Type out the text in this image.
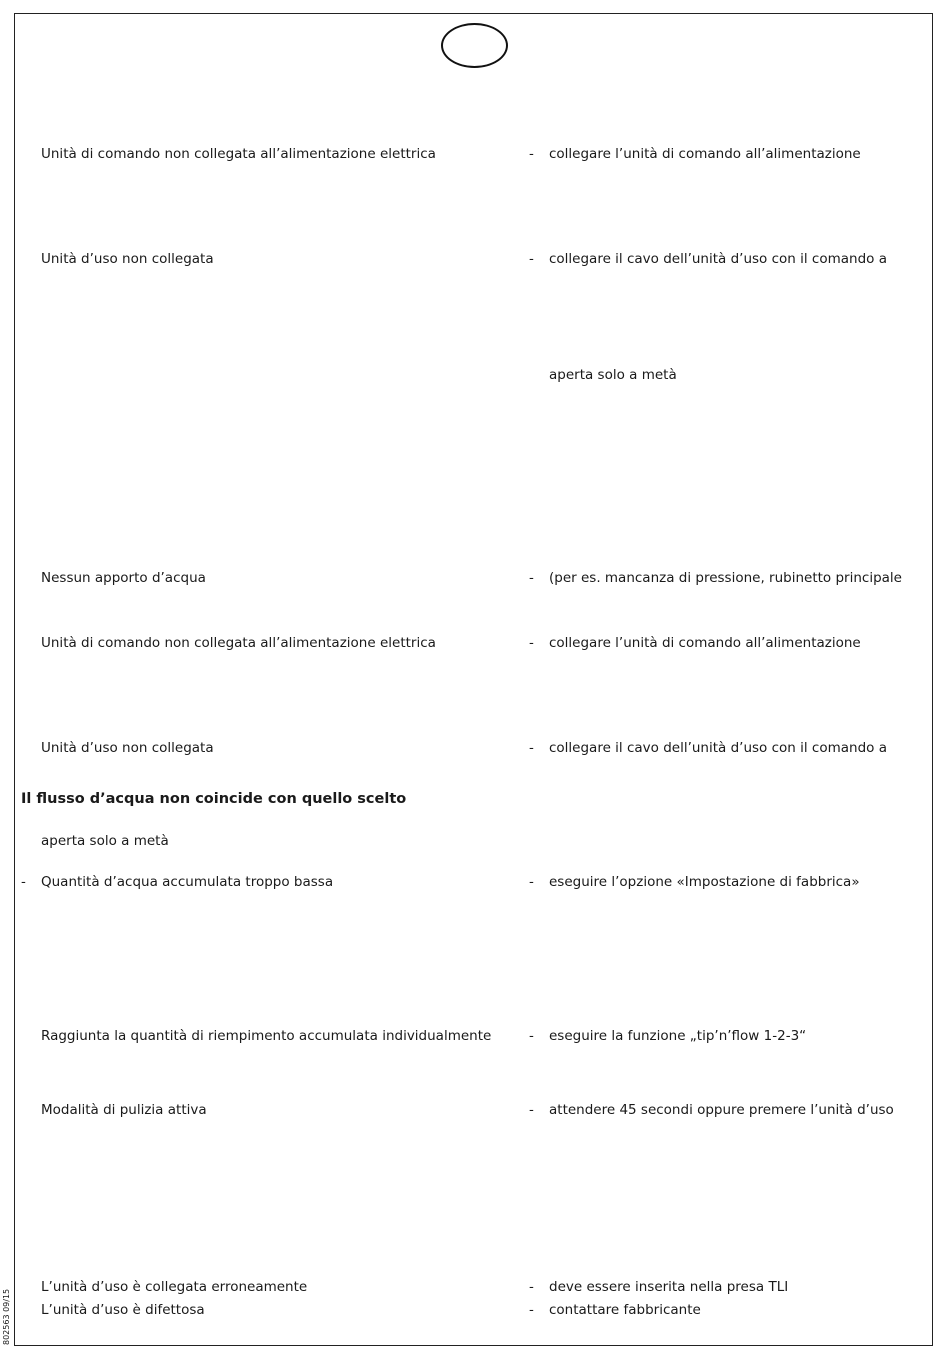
Unità di comando non collegata all’alimentazione elettrica	- collegare l’unità di comando all’alimentazione
Unità d’uso non collegata	- collegare il cavo dell’unità d’uso con il comando a
aperta solo a metà
Nessun apporto d’acqua	- (per es. mancanza di pressione, rubinetto principale
Unità di comando non collegata all’alimentazione elettrica	- collegare l’unità di comando all’alimentazione
Unità d’uso non collegata	- collegare il cavo dell’unità d’uso con il comando a
Il flusso d’acqua non coincide con quello scelto
aperta solo a metà
- Quantità d’acqua accumulata troppo bassa	- eseguire l’opzione «Impostazione di fabbrica»
Raggiunta la quantità di riempimento accumulata individualmente	- eseguire la funzione „tip’n’flow 1-2-3“
Modalità di pulizia attiva	- attendere 45 secondi oppure premere l’unità d’uso
L’unità d’uso è collegata erroneamente	- deve essere inserita nella presa TLI
L’unità d’uso è difettosa	- contattare fabbricante
802563 09/15
